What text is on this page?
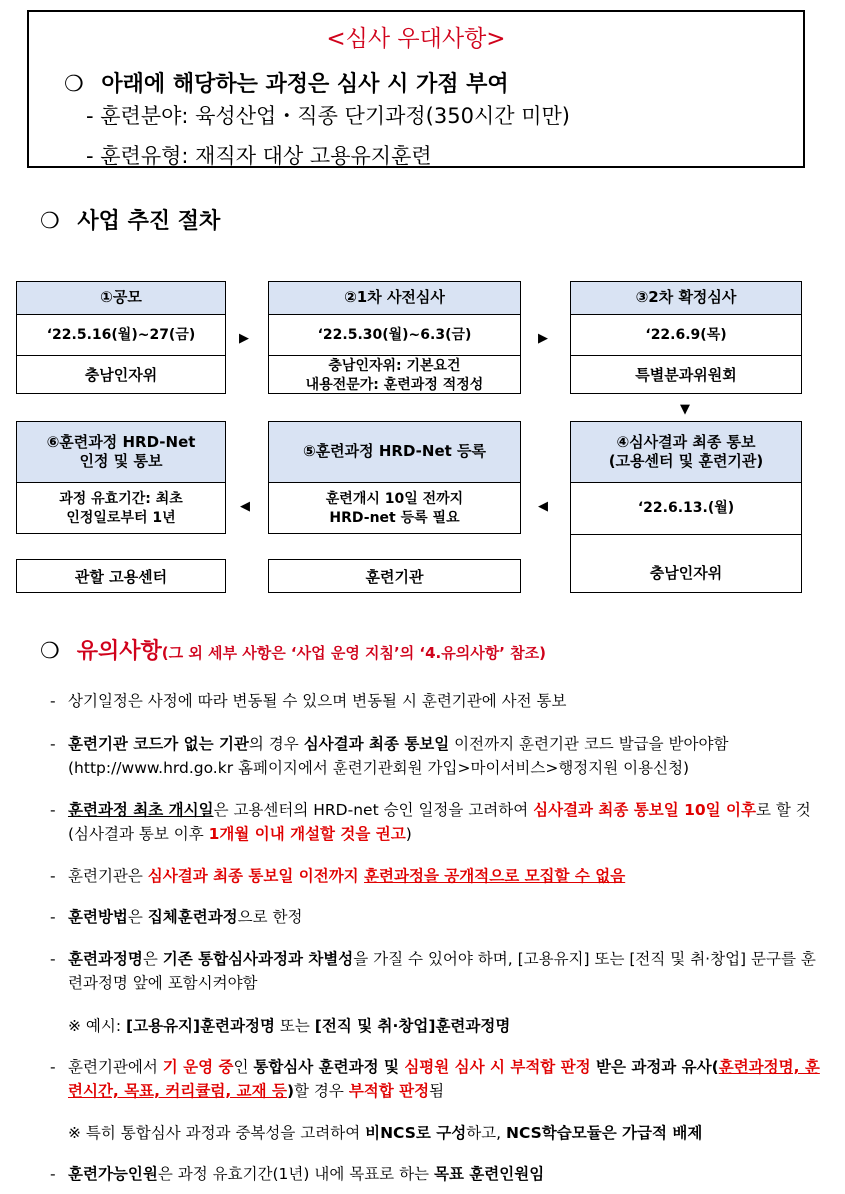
<심사 우대사항>
❍ 아래에 해당하는 과정은 심사 시 가점 부여
- 훈련분야: 육성산업・직종 단기과정(350시간 미만)
- 훈련유형: 재직자 대상 고용유지훈련
❍ 사업 추진 절차
①공모
‘22.5.16(월)~27(금)
충남인자위
▶
②1차 사전심사
‘22.5.30(월)~6.3(금)
충남인자위: 기본요건
내용전문가: 훈련과정 적정성
▶
③2차 확정심사
‘22.6.9(목)
특별분과위원회
▼
⑥훈련과정 HRD-Net
인정 및 통보
과정 유효기간: 최초
인정일로부터 1년
◀
⑤훈련과정 HRD-Net 등록
훈련개시 10일 전까지
HRD-net 등록 필요
◀
④심사결과 최종 통보
(고용센터 및 훈련기관)
‘22.6.13.(월)
충남인자위
관할 고용센터	훈련기관
❍ 유의사항(그 외 세부 사항은 ‘사업 운영 지침’의 ‘4.유의사항’ 참조)
- 상기일정은 사정에 따라 변동될 수 있으며 변동될 시 훈련기관에 사전 통보
- 훈련기관 코드가 없는 기관의 경우 심사결과 최종 통보일 이전까지 훈련기관 코드 발급을 받아야함(http://www.hrd.go.kr 홈페이지에서 훈련기관회원 가입>마이서비스>행정지원 이용신청)
- 훈련과정 최초 개시일은 고용센터의 HRD-net 승인 일정을 고려하여 심사결과 최종 통보일 10일 이후로 할 것(심사결과 통보 이후 1개월 이내 개설할 것을 권고)
- 훈련기관은 심사결과 최종 통보일 이전까지 훈련과정을 공개적으로 모집할 수 없음
- 훈련방법은 집체훈련과정으로 한정
- 훈련과정명은 기존 통합심사과정과 차별성을 가질 수 있어야 하며, [고용유지] 또는 [전직 및 취·창업] 문구를 훈련과정명 앞에 포함시켜야함
※ 예시: [고용유지]훈련과정명 또는 [전직 및 취·창업]훈련과정명
- 훈련기관에서 기 운영 중인 통합심사 훈련과정 및 심평원 심사 시 부적합 판정 받은 과정과 유사(훈련과정명, 훈련시간, 목표, 커리큘럼, 교재 등)할 경우 부적합 판정됨
※ 특히 통합심사 과정과 중복성을 고려하여 비NCS로 구성하고, NCS학습모듈은 가급적 배제
- 훈련가능인원은 과정 유효기간(1년) 내에 목표로 하는 목표 훈련인원임
